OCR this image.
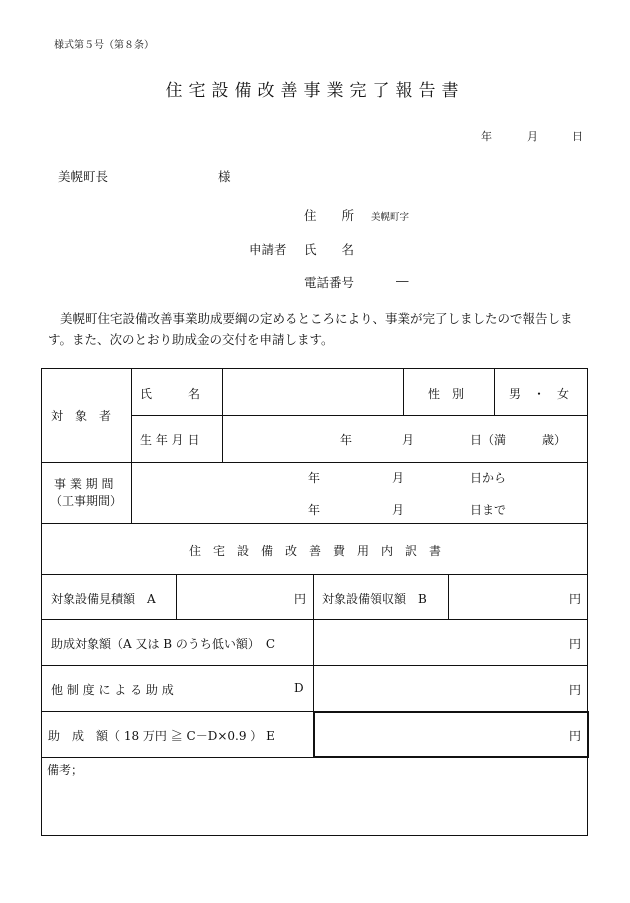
様式第５号（第８条）
住宅設備改善事業完了報告書
年	月	日
美幌町長	様
住　　所 美幌町字
申請者 氏　　名
電話番号	―
美幌町住宅設備改善事業助成要綱の定めるところにより、事業が完了しましたので報告します。また、次のとおり助成金の交付を申請します。
対　象　者
氏　　　名	性　別	男　・　女
生 年 月 日	年	月	日（満　　　歳）
事 業 期 間
（工事期間）
年	月	日から
年	月	日まで
住　宅　設　備　改　善　費　用　内　訳　書
対象設備見積額　A	円 対象設備領収額　B	円
助成対象額（A 又は B のうち低い額）　C	円
他 制 度 に よ る 助 成	D	円
助　成　額（ 18 万円 ≧ C－D×0.9 ） E	円
備考；
